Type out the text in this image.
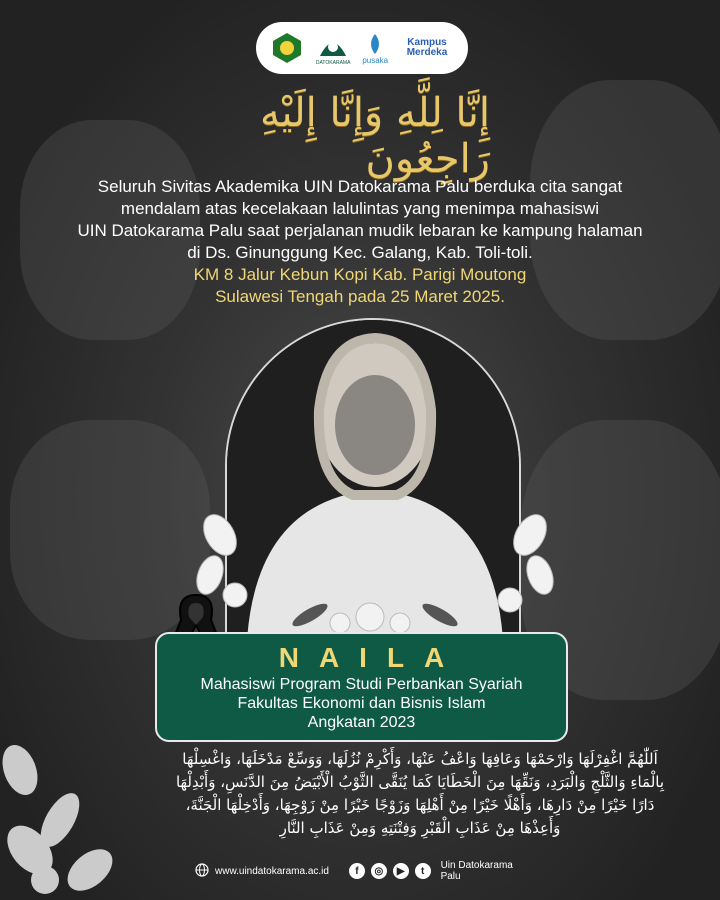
DATOKARAMA pusaka
Kampus Merdeka
إِنَّا لِلَّهِ وَإِنَّا إِلَيْهِ رَاجِعُونَ
Seluruh Sivitas Akademika UIN Datokarama Palu berduka cita sangat
mendalam atas kecelakaan lalulintas yang menimpa mahasiswi
UIN Datokarama Palu saat perjalanan mudik lebaran ke kampung halaman
di Ds. Ginunggung Kec. Galang, Kab. Toli-toli.
KM 8 Jalur Kebun Kopi Kab. Parigi Moutong
Sulawesi Tengah pada 25 Maret 2025.
NAILA
Mahasiswi Program Studi Perbankan Syariah
Fakultas Ekonomi dan Bisnis Islam
Angkatan 2023
اَللّٰهُمَّ اغْفِرْلَهَا وَارْحَمْهَا وَعَافِهَا وَاعْفُ عَنْهَا، وَأَكْرِمْ نُزُلَهَا، وَوَسِّعْ مَدْخَلَهَا، وَاغْسِلْهَا
بِالْمَاءِ وَالثَّلْجِ وَالْبَرَدِ، وَنَقِّهَا مِنَ الْخَطَايَا كَمَا يُنَقَّى الثَّوْبُ الْأَبْيَضُ مِنَ الدَّنَسِ، وَأَبْدِلْهَا
دَارًا خَيْرًا مِنْ دَارِهَا، وَأَهْلًا خَيْرًا مِنْ أَهْلِهَا وَزَوْجًا خَيْرًا مِنْ زَوْجِهَا، وَأَدْخِلْهَا الْجَنَّةَ،
وَأَعِذْهَا مِنْ عَذَابِ الْقَبْرِ وَفِتْنَتِهِ وَمِنْ عَذَابِ النَّارِ
www.uindatokarama.ac.id	f	◎	▶	t	Uin Datokarama Palu
